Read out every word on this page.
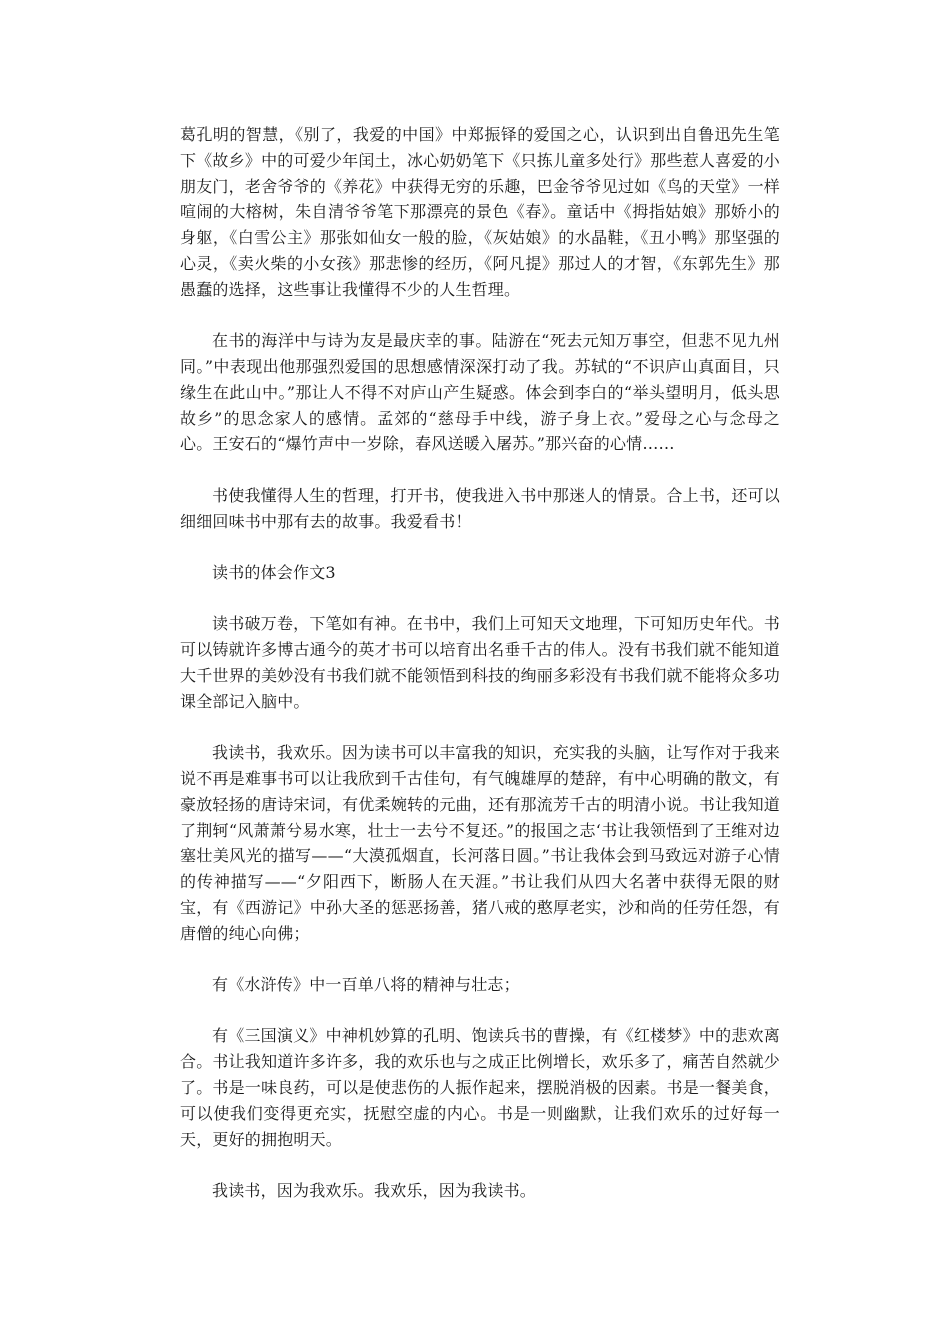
葛孔明的智慧，《别了，我爱的中国》中郑振铎的爱国之心，认识到出自鲁迅先生笔下《故乡》中的可爱少年闰土，冰心奶奶笔下《只拣儿童多处行》那些惹人喜爱的小朋友门，老舍爷爷的《养花》中获得无穷的乐趣，巴金爷爷见过如《鸟的天堂》一样喧闹的大榕树，朱自清爷爷笔下那漂亮的景色《春》。童话中《拇指姑娘》那娇小的身躯，《白雪公主》那张如仙女一般的脸，《灰姑娘》的水晶鞋，《丑小鸭》那坚强的心灵，《卖火柴的小女孩》那悲惨的经历，《阿凡提》那过人的才智，《东郭先生》那愚蠢的选择，这些事让我懂得不少的人生哲理。

在书的海洋中与诗为友是最庆幸的事。陆游在“死去元知万事空，但悲不见九州同。”中表现出他那强烈爱国的思想感情深深打动了我。苏轼的“不识庐山真面目，只缘生在此山中。”那让人不得不对庐山产生疑惑。体会到李白的“举头望明月，低头思故乡”的思念家人的感情。孟郊的“慈母手中线，游子身上衣。”爱母之心与念母之心。王安石的“爆竹声中一岁除，春风送暖入屠苏。”那兴奋的心情……

书使我懂得人生的哲理，打开书，使我进入书中那迷人的情景。合上书，还可以细细回味书中那有去的故事。我爱看书！

读书的体会作文3

读书破万卷，下笔如有神。在书中，我们上可知天文地理，下可知历史年代。书可以铸就许多博古通今的英才书可以培育出名垂千古的伟人。没有书我们就不能知道大千世界的美妙没有书我们就不能领悟到科技的绚丽多彩没有书我们就不能将众多功课全部记入脑中。

我读书，我欢乐。因为读书可以丰富我的知识，充实我的头脑，让写作对于我来说不再是难事书可以让我欣到千古佳句，有气魄雄厚的楚辞，有中心明确的散文，有豪放轻扬的唐诗宋词，有优柔婉转的元曲，还有那流芳千古的明清小说。书让我知道了荆轲“风萧萧兮易水寒，壮士一去兮不复还。”的报国之志‘书让我领悟到了王维对边塞壮美风光的描写——“大漠孤烟直，长河落日圆。”书让我体会到马致远对游子心情的传神描写——“夕阳西下，断肠人在天涯。”书让我们从四大名著中获得无限的财宝，有《西游记》中孙大圣的惩恶扬善，猪八戒的憨厚老实，沙和尚的任劳任怨，有唐僧的纯心向佛；

有《水浒传》中一百单八将的精神与壮志；

有《三国演义》中神机妙算的孔明、饱读兵书的曹操，有《红楼梦》中的悲欢离合。书让我知道许多许多，我的欢乐也与之成正比例增长，欢乐多了，痛苦自然就少了。书是一味良药，可以是使悲伤的人振作起来，摆脱消极的因素。书是一餐美食，可以使我们变得更充实，抚慰空虚的内心。书是一则幽默，让我们欢乐的过好每一天，更好的拥抱明天。

我读书，因为我欢乐。我欢乐，因为我读书。
